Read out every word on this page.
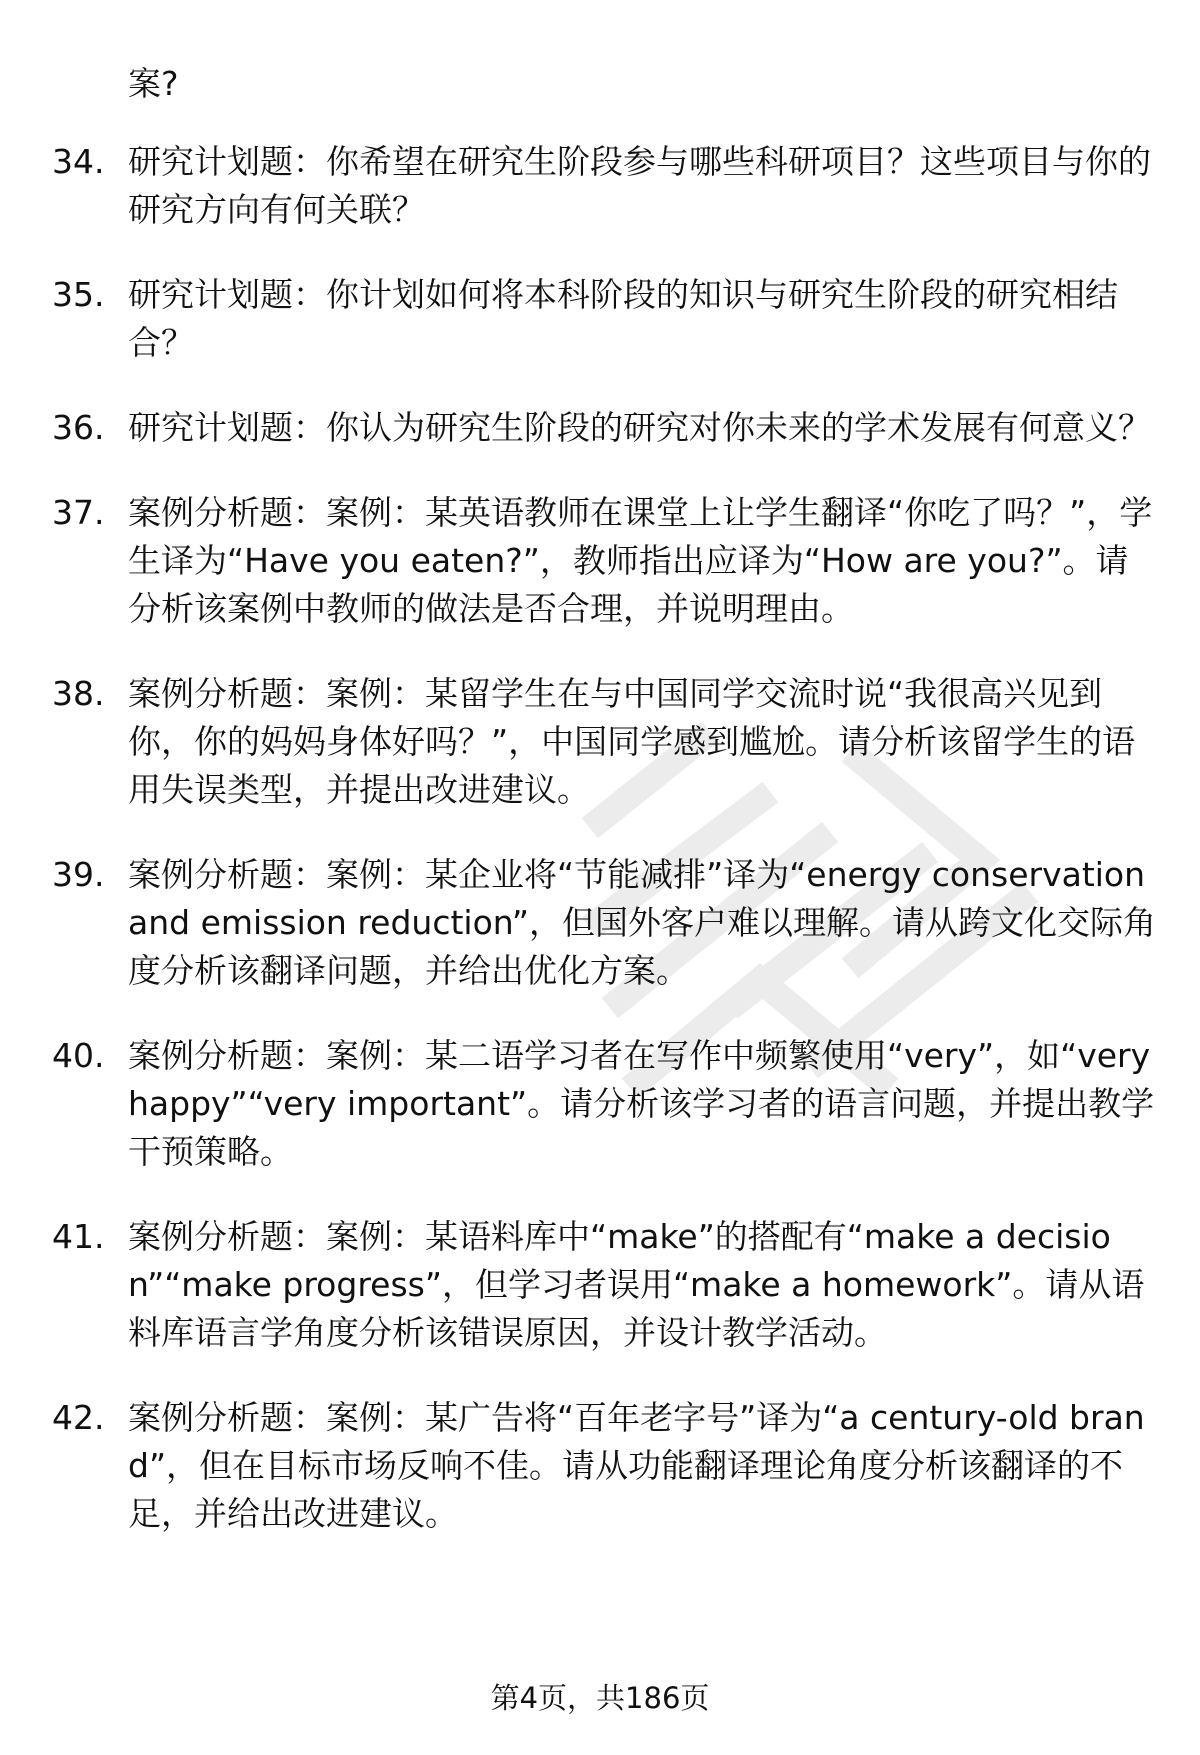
案?
34. 研究计划题：你希望在研究生阶段参与哪些科研项目？这些项目与你的研究方向有何关联？
35. 研究计划题：你计划如何将本科阶段的知识与研究生阶段的研究相结合？
36. 研究计划题：你认为研究生阶段的研究对你未来的学术发展有何意义？
37. 案例分析题：案例：某英语教师在课堂上让学生翻译“你吃了吗？”，学生译为“Have you eaten?”，教师指出应译为“How are you?”。请分析该案例中教师的做法是否合理，并说明理由。
38. 案例分析题：案例：某留学生在与中国同学交流时说“我很高兴见到你，你的妈妈身体好吗？”，中国同学感到尴尬。请分析该留学生的语用失误类型，并提出改进建议。
39. 案例分析题：案例：某企业将“节能减排”译为“energy conservation and emission reduction”，但国外客户难以理解。请从跨文化交际角度分析该翻译问题，并给出优化方案。
40. 案例分析题：案例：某二语学习者在写作中频繁使用“very”，如“very happy”“very important”。请分析该学习者的语言问题，并提出教学干预策略。
41. 案例分析题：案例：某语料库中“make”的搭配有“make a decision”“make progress”，但学习者误用“make a homework”。请从语料库语言学角度分析该错误原因，并设计教学活动。
42. 案例分析题：案例：某广告将“百年老字号”译为“a century-old brand”，但在目标市场反响不佳。请从功能翻译理论角度分析该翻译的不足，并给出改进建议。
第4页，共186页
